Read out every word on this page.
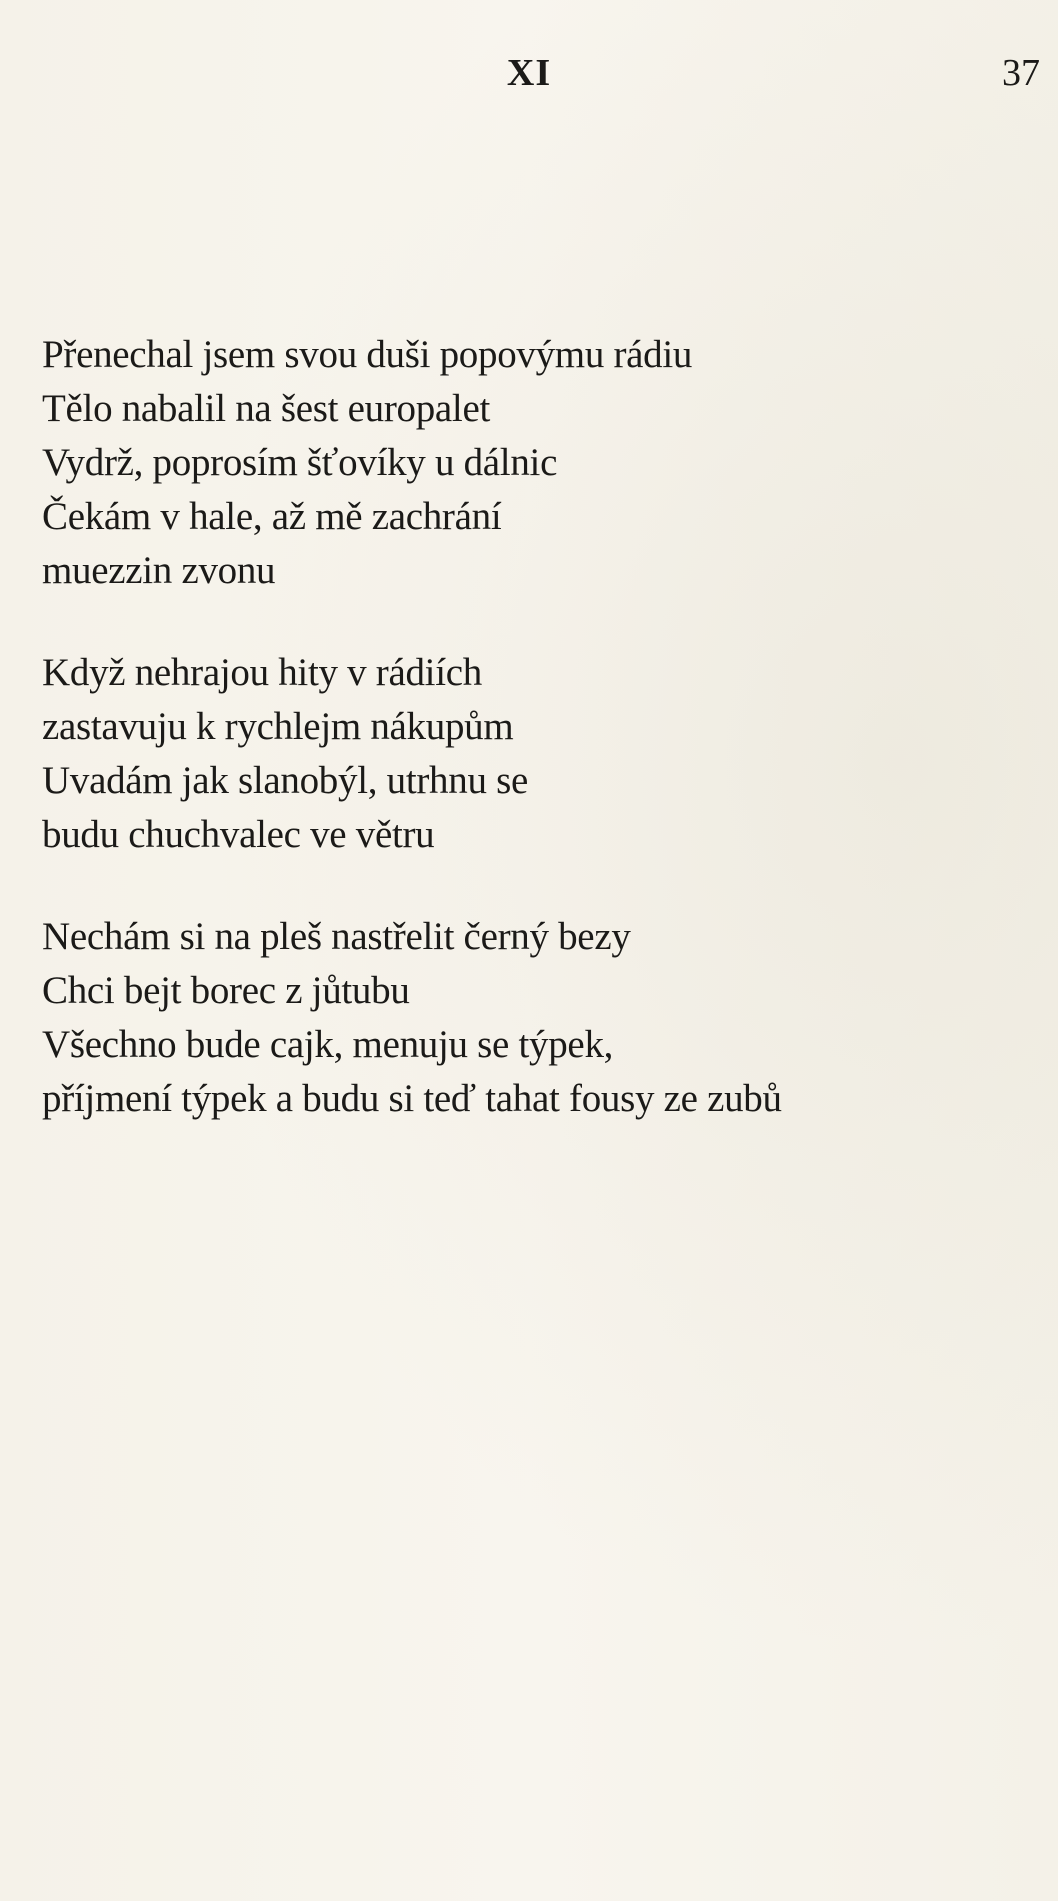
XI	37
Přenechal jsem svou duši popovýmu rádiu
Tělo nabalil na šest europalet
Vydrž, poprosím šťovíky u dálnic
Čekám v hale, až mě zachrání
muezzin zvonu
Když nehrajou hity v rádiích
zastavuju k rychlejm nákupům
Uvadám jak slanobýl, utrhnu se
budu chuchvalec ve větru
Nechám si na pleš nastřelit černý bezy
Chci bejt borec z jůtubu
Všechno bude cajk, menuju se týpek,
příjmení týpek a budu si teď tahat fousy ze zubů
